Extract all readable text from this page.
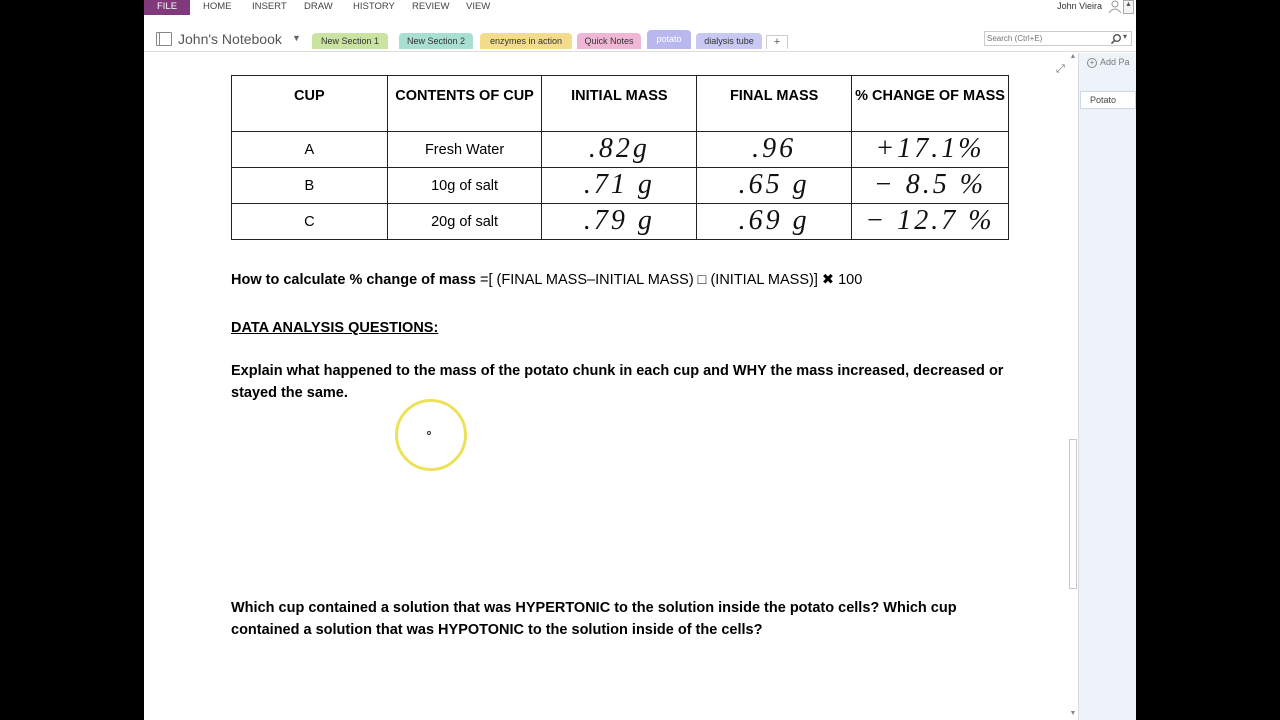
FILE	HOME INSERT DRAW HISTORY REVIEW VIEW	John Vieira	▲
John's Notebook ▼	New Section 1	New Section 2	enzymes in action	Quick Notes	potato	dialysis tube	+
Search (Ctrl+E)	▾
⤢
CUP	CONTENTS OF CUP	INITIAL MASS	FINAL MASS	% CHANGE OF MASS
A	Fresh Water	.82g	.96	+17.1%
B	10g of salt	.71 g	.65 g	− 8.5 %
C	20g of salt	.79 g	.69 g	− 12.7 %
How to calculate % change of mass =[ (FINAL MASS–INITIAL MASS) □ (INITIAL MASS)] ✖ 100
DATA ANALYSIS QUESTIONS:
Explain what happened to the mass of the potato chunk in each cup and WHY the mass increased, decreased or stayed the same.
Which cup contained a solution that was HYPERTONIC to the solution inside the potato cells? Which cup contained a solution that was HYPOTONIC to the solution inside of the cells?
▲
▼
+ Add Pa
Potato
